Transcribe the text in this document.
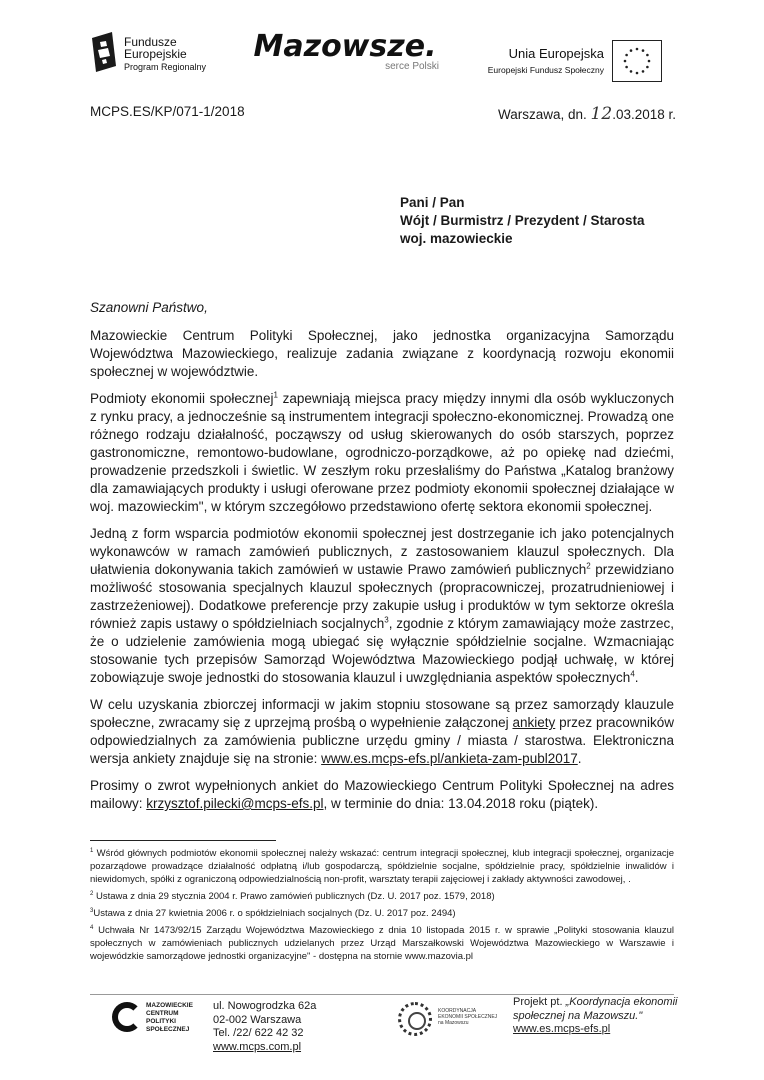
Fundusze
Europejskie
Program Regionalny
Mazowsze.
serce Polski
Unia Europejska
Europejski Fundusz Społeczny
MCPS.ES/KP/071-1/2018	Warszawa, dn. 12.03.2018 r.
Pani / Pan
Wójt / Burmistrz / Prezydent / Starosta
woj. mazowieckie
Szanowni Państwo,

Mazowieckie Centrum Polityki Społecznej, jako jednostka organizacyjna Samorządu Województwa Mazowieckiego, realizuje zadania związane z koordynacją rozwoju ekonomii społecznej w województwie.

Podmioty ekonomii społecznej$^1$ zapewniają miejsca pracy między innymi dla osób wykluczonych z rynku pracy, a jednocześnie są instrumentem integracji społeczno-ekonomicznej. Prowadzą one różnego rodzaju działalność, począwszy od usług skierowanych do osób starszych, poprzez gastronomiczne, remontowo-budowlane, ogrodniczo-porządkowe, aż po opiekę nad dziećmi, prowadzenie przedszkoli i świetlic. W zeszłym roku przesłaliśmy do Państwa „Katalog branżowy dla zamawiających produkty i usługi oferowane przez podmioty ekonomii społecznej działające w woj. mazowieckim", w którym szczegółowo przedstawiono ofertę sektora ekonomii społecznej.

Jedną z form wsparcia podmiotów ekonomii społecznej jest dostrzeganie ich jako potencjalnych wykonawców w ramach zamówień publicznych, z zastosowaniem klauzul społecznych. Dla ułatwienia dokonywania takich zamówień w ustawie Prawo zamówień publicznych$^2$ przewidziano możliwość stosowania specjalnych klauzul społecznych (propracowniczej, prozatrudnieniowej i zastrzeżeniowej). Dodatkowe preferencje przy zakupie usług i produktów w tym sektorze określa również zapis ustawy o spółdzielniach socjalnych$^3$, zgodnie z którym zamawiający może zastrzec, że o udzielenie zamówienia mogą ubiegać się wyłącznie spółdzielnie socjalne. Wzmacniając stosowanie tych przepisów Samorząd Województwa Mazowieckiego podjął uchwałę, w której zobowiązuje swoje jednostki do stosowania klauzul i uwzględniania aspektów społecznych$^4$.

W celu uzyskania zbiorczej informacji w jakim stopniu stosowane są przez samorządy klauzule społeczne, zwracamy się z uprzejmą prośbą o wypełnienie załączonej ankiety przez pracowników odpowiedzialnych za zamówienia publiczne urzędu gminy / miasta / starostwa. Elektroniczna wersja ankiety znajduje się na stronie: www.es.mcps-efs.pl/ankieta-zam-publ2017.

Prosimy o zwrot wypełnionych ankiet do Mazowieckiego Centrum Polityki Społecznej na adres mailowy: krzysztof.pilecki@mcps-efs.pl, w terminie do dnia: 13.04.2018 roku (piątek).

$^1$ Wśród głównych podmiotów ekonomii społecznej należy wskazać: centrum integracji społecznej, klub integracji społecznej, organizacje pozarządowe prowadzące działalność odpłatną i/lub gospodarczą, spółdzielnie socjalne, spółdzielnie pracy, spółdzielnie inwalidów i niewidomych, spółki z ograniczoną odpowiedzialnością non-profit, warsztaty terapii zajęciowej i zakłady aktywności zawodowej, .

$^2$ Ustawa z dnia 29 stycznia 2004 r. Prawo zamówień publicznych (Dz. U. 2017 poz. 1579, 2018)

$^3$Ustawa z dnia 27 kwietnia 2006 r. o spółdzielniach socjalnych (Dz. U. 2017 poz. 2494)

$^4$ Uchwała Nr 1473/92/15 Zarządu Województwa Mazowieckiego z dnia 10 listopada 2015 r. w sprawie „Polityki stosowania klauzul społecznych w zamówieniach publicznych udzielanych przez Urząd Marszałkowski Województwa Mazowieckiego w Warszawie i wojewódzkie samorządowe jednostki organizacyjne" - dostępna na stornie www.mazovia.pl

MAZOWIECKIE
CENTRUM
POLITYKI
SPOŁECZNEJ
ul. Nowogrodzka 62a
02-002 Warszawa
Tel. /22/ 622 42 32
www.mcps.com.pl
KOORDYNACJA
EKONOMII SPOŁECZNEJ
na Mazowszu
Projekt pt. „Koordynacja ekonomii
społecznej na Mazowszu."
www.es.mcps-efs.pl
